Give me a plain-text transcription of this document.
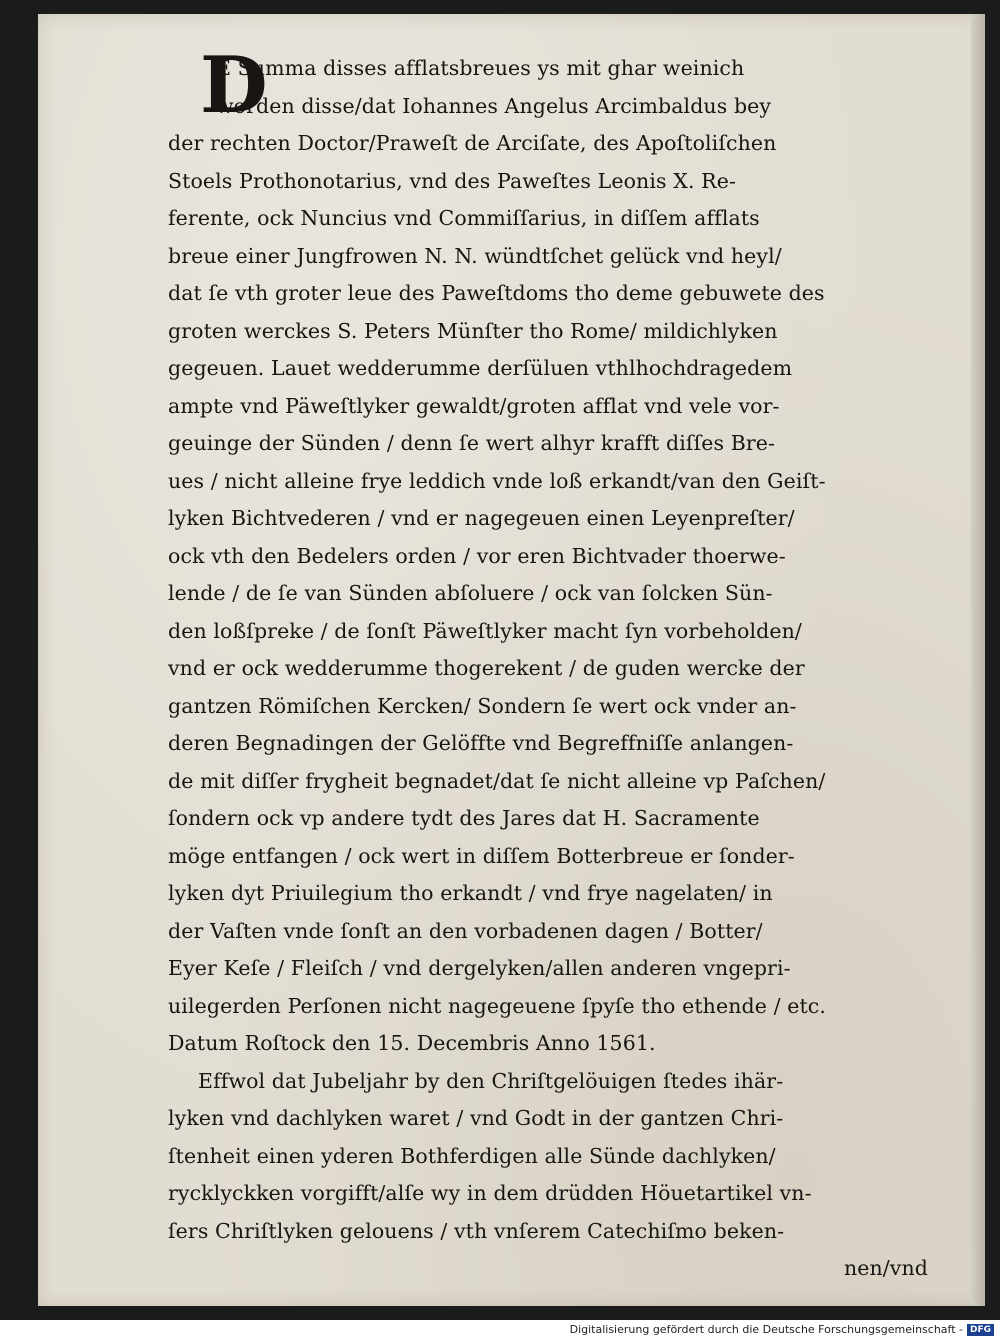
D
E Summa disses afflatsbreues ys mit ghar weinich
worden disse/dat Iohannes Angelus Arcimbaldus bey
der rechten Doctor/Praweſt de Arciſate, des Apoſtoliſchen
Stoels Prothonotarius, vnd des Paweſtes Leonis X. Re-
ferente, ock Nuncius vnd Commiſſarius, in diſſem afflats
breue einer Jungfrowen N. N. wündtſchet gelück vnd heyl/
dat ſe vth groter leue des Paweſtdoms tho deme gebuwete des
groten werckes S. Peters Münſter tho Rome/ mildichlyken
gegeuen. Lauet wedderumme derſüluen vthlhochdragedem
ampte vnd Päweſtlyker gewaldt/groten afflat vnd vele vor-
geuinge der Sünden / denn ſe wert alhyr krafft diſſes Bre-
ues / nicht alleine frye leddich vnde loß erkandt/van den Geiſt-
lyken Bichtvederen / vnd er nagegeuen einen Leyenpreſter/
ock vth den Bedelers orden / vor eren Bichtvader thoerwe-
lende / de ſe van Sünden abſoluere / ock van ſolcken Sün-
den loßſpreke / de ſonſt Päweſtlyker macht ſyn vorbeholden/
vnd er ock wedderumme thogerekent / de guden wercke der
gantzen Römiſchen Kercken/ Sondern ſe wert ock vnder an-
deren Begnadingen der Gelöffte vnd Begreffniſſe anlangen-
de mit diſſer frygheit begnadet/dat ſe nicht alleine vp Paſchen/
ſondern ock vp andere tydt des Jares dat H. Sacramente
möge entfangen / ock wert in diſſem Botterbreue er ſonder-
lyken dyt Priuilegium tho erkandt / vnd frye nagelaten/ in
der Vaſten vnde ſonſt an den vorbadenen dagen / Botter/
Eyer Keſe / Fleiſch / vnd dergelyken/allen anderen vngepri-
uilegerden Perſonen nicht nagegeuene ſpyſe tho ethende / etc.
Datum Roſtock den 15. Decembris Anno 1561.
Effwol dat Jubeljahr by den Chriſtgelöuigen ſtedes ihär-
lyken vnd dachlyken waret / vnd Godt in der gantzen Chri-
ſtenheit einen yderen Bothferdigen alle Sünde dachlyken/
rycklyckken vorgifft/alſe wy in dem drüdden Höuetartikel vn-
ſers Chriſtlyken gelouens / vth vnſerem Catechiſmo beken-
nen/vnd
Digitalisierung gefördert durch die Deutsche Forschungsgemeinschaft - DFG
